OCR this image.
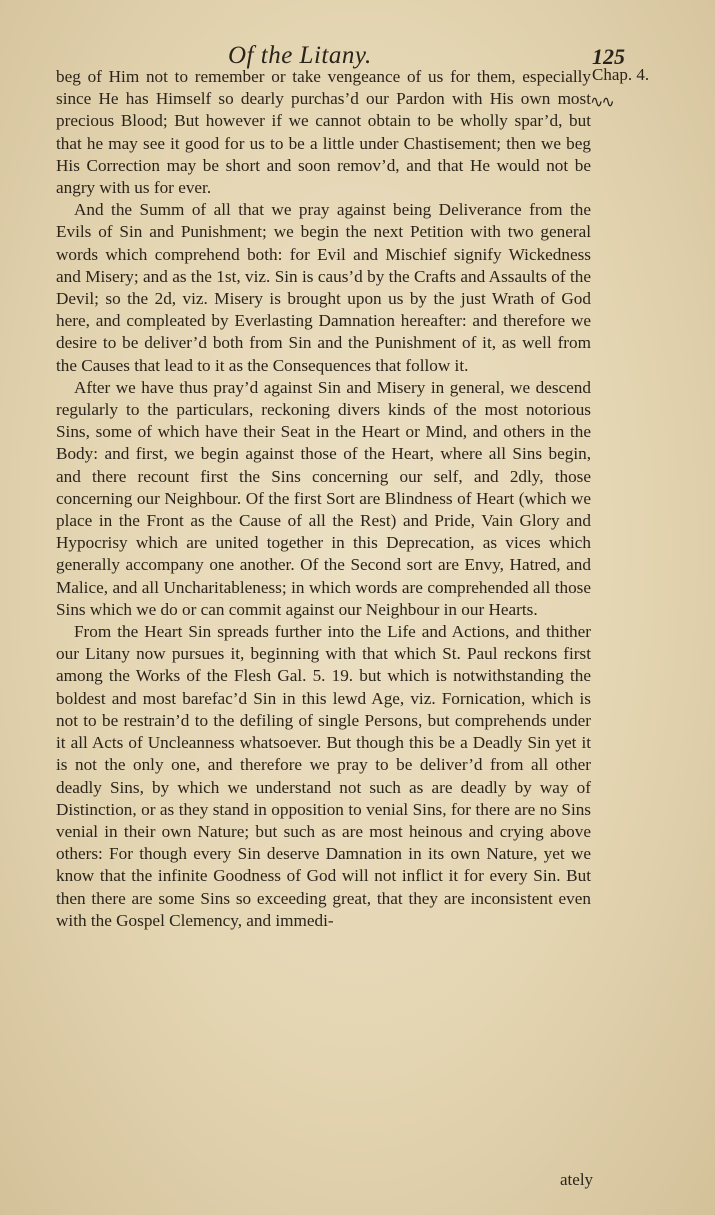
Of the Litany.	125
Chap. 4.
∿∿

beg of Him not to remember or take vengeance of us for them, especially since He has Himself so dearly purchas’d our Pardon with His own most precious Blood; But however if we cannot obtain to be wholly spar’d, but that he may see it good for us to be a little under Chastisement; then we beg His Correction may be short and soon remov’d, and that He would not be angry with us for ever.

And the Summ of all that we pray against being Deliverance from the Evils of Sin and Punishment; we begin the next Petition with two general words which comprehend both: for Evil and Mischief signify Wickedness and Misery; and as the 1st, viz. Sin is caus’d by the Crafts and Assaults of the Devil; so the 2d, viz. Misery is brought upon us by the just Wrath of God here, and compleated by Everlasting Damnation hereafter: and therefore we desire to be deliver’d both from Sin and the Punishment of it, as well from the Causes that lead to it as the Consequences that follow it.

After we have thus pray’d against Sin and Misery in general, we descend regularly to the particulars, reckoning divers kinds of the most notorious Sins, some of which have their Seat in the Heart or Mind, and others in the Body: and first, we begin against those of the Heart, where all Sins begin, and there recount first the Sins concerning our self, and 2dly, those concerning our Neighbour. Of the first Sort are Blindness of Heart (which we place in the Front as the Cause of all the Rest) and Pride, Vain Glory and Hypocrisy which are united together in this Deprecation, as vices which generally accompany one another. Of the Second sort are Envy, Hatred, and Malice, and all Uncharitableness; in which words are comprehended all those Sins which we do or can commit against our Neighbour in our Hearts.

From the Heart Sin spreads further into the Life and Actions, and thither our Litany now pursues it, beginning with that which St. Paul reckons first among the Works of the Flesh Gal. 5. 19. but which is notwithstanding the boldest and most barefac’d Sin in this lewd Age, viz. Fornication, which is not to be restrain’d to the defiling of single Persons, but comprehends under it all Acts of Uncleanness whatsoever. But though this be a Deadly Sin yet it is not the only one, and therefore we pray to be deliver’d from all other deadly Sins, by which we understand not such as are deadly by way of Distinction, or as they stand in opposition to venial Sins, for there are no Sins venial in their own Nature; but such as are most heinous and crying above others: For though every Sin deserve Damnation in its own Nature, yet we know that the infinite Goodness of God will not inflict it for every Sin. But then there are some Sins so exceeding great, that they are inconsistent even with the Gospel Clemency, and immedi-

ately
